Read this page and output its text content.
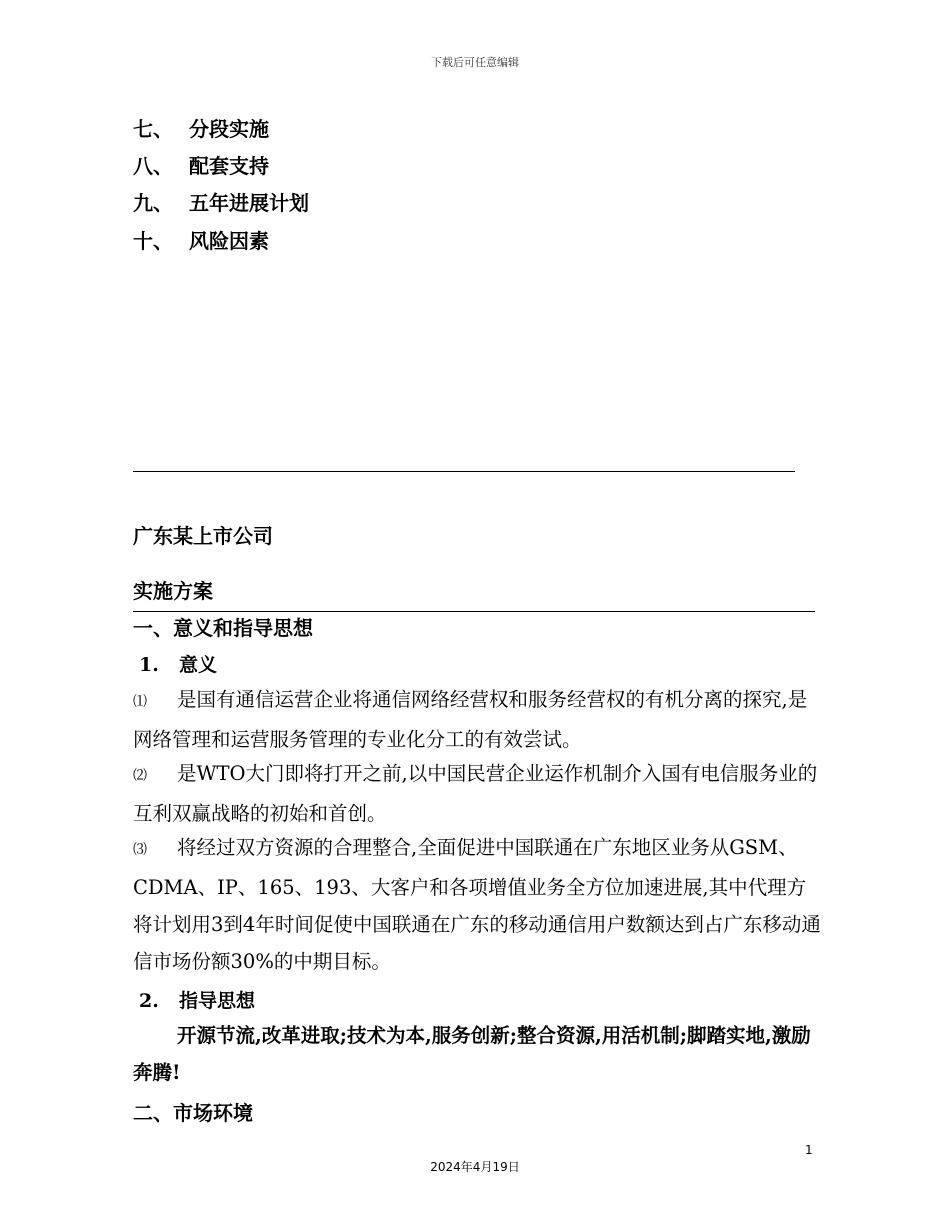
下载后可任意编辑
七、 分段实施
八、 配套支持
九、 五年进展计划
十、 风险因素
广东某上市公司
实施方案
一、意义和指导思想
1. 意义
⑴ 是国有通信运营企业将通信网络经营权和服务经营权的有机分离的探究,是网络管理和运营服务管理的专业化分工的有效尝试。
⑵ 是WTO大门即将打开之前,以中国民营企业运作机制介入国有电信服务业的互利双赢战略的初始和首创。
⑶ 将经过双方资源的合理整合,全面促进中国联通在广东地区业务从GSM、CDMA、IP、165、193、大客户和各项增值业务全方位加速进展,其中代理方将计划用3到4年时间促使中国联通在广东的移动通信用户数额达到占广东移动通信市场份额30%的中期目标。
2. 指导思想
开源节流,改革进取;技术为本,服务创新;整合资源,用活机制;脚踏实地,激励奔腾!
二、市场环境
1
2024年4月19日
